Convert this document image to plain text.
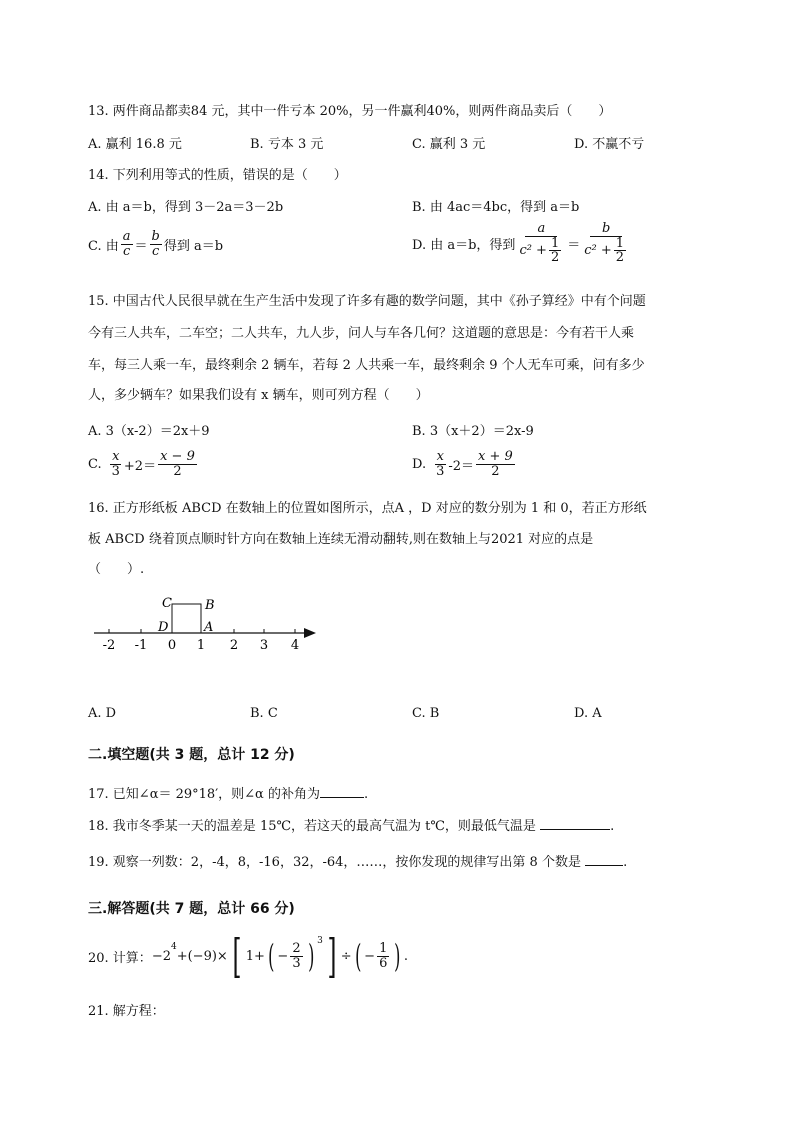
13. 两件商品都卖84 元，其中一件亏本 20%，另一件赢利40%，则两件商品卖后（　　）
A. 赢利 16.8 元	B. 亏本 3 元	C. 赢利 3 元	D. 不赢不亏
14. 下列利用等式的性质，错误的是（　　）
A. 由 a＝b，得到 3－2a＝3－2b	B. 由 4ac＝4bc，得到 a＝b
C. 由 $\frac{a}{c} = \frac{b}{c}$ 得到 a＝b	D. 由 a＝b，得到 $\frac{a}{c^2 + \frac{1}{2}} = \frac{b}{c^2 + \frac{1}{2}}$
15. 中国古代人民很早就在生产生活中发现了许多有趣的数学问题，其中《孙子算经》中有个问题
今有三人共车，二车空；二人共车，九人步，问人与车各几何？这道题的意思是：今有若干人乘
车，每三人乘一车，最终剩余 2 辆车，若每 2 人共乘一车，最终剩余 9 个人无车可乘，问有多少
人，多少辆车？如果我们设有 x 辆车，则可列方程（　　）
A. 3（x-2）＝2x＋9	B. 3（x＋2）＝2x-9
C. $\frac{x}{3} +2= \frac{x - 9}{2}$	D. $\frac{x}{3} -2= \frac{x + 9}{2}$
16. 正方形纸板 ABCD 在数轴上的位置如图所示，点A ，D 对应的数分别为 1 和 0，若正方形纸
板 ABCD 绕着顶点顺时针方向在数轴上连续无滑动翻转,则在数轴上与2021 对应的点是
（　　）.
C	B
D	A
-2 -1 0 1 2 3 4
A. D	B. C	C. B	D. A
二.填空题(共 3 题，总计 12 分)
17. 已知∠α＝ 29°18′，则∠α 的补角为	.
18. 我市冬季某一天的温差是 15℃，若这天的最高气温为 t℃，则最低气温是	.
19. 观察一列数：2，-4，8，-16，32，-64，……，按你发现的规律写出第 8 个数是	.
三.解答题(共 7 题，总计 66 分)
20. 计算： −2
$^4$
+(−9)× [ 1+ ( − $\frac{2}{3}$ ) $^3$ ] ÷ ( − $\frac{1}{6}$ ) .
21. 解方程：
